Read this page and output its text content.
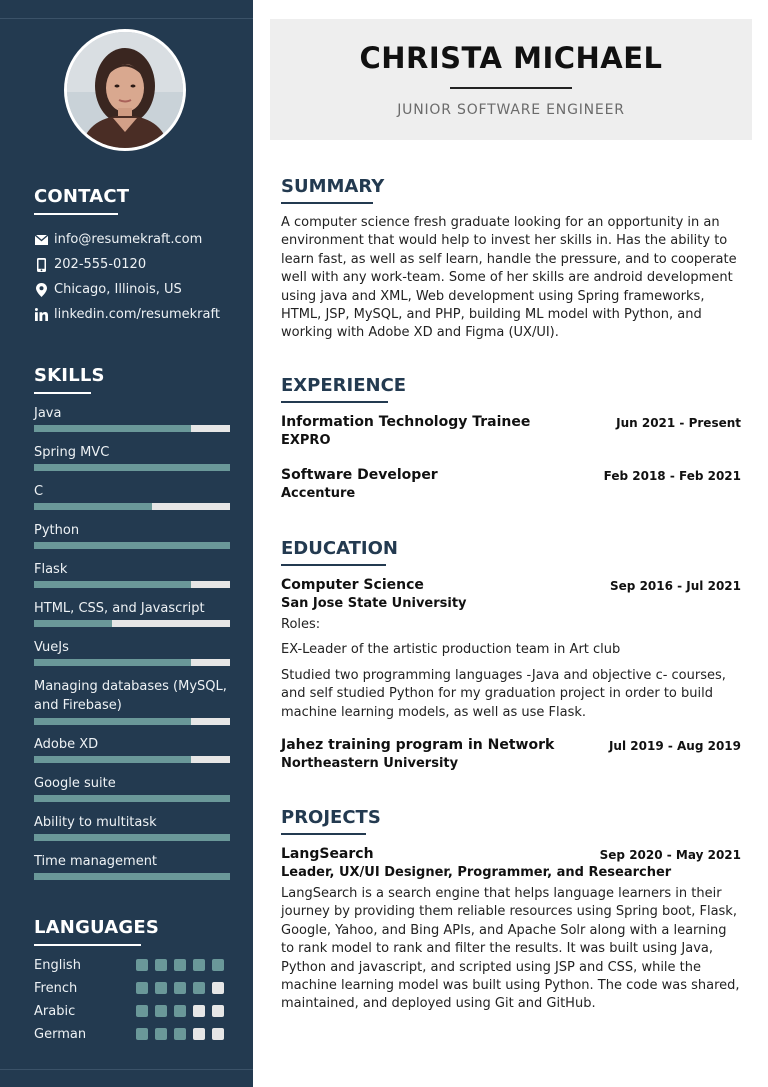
CONTACT
info@resumekraft.com
202-555-0120
Chicago, Illinois, US
linkedin.com/resumekraft
SKILLS
Java
Spring MVC
C
Python
Flask
HTML, CSS, and Javascript
VueJs
Managing databases (MySQL, and Firebase)
Adobe XD
Google suite
Ability to multitask
Time management
LANGUAGES
English
French
Arabic
German
CHRISTA MICHAEL
JUNIOR SOFTWARE ENGINEER
SUMMARY
A computer science fresh graduate looking for an opportunity in an environment that would help to invest her skills in. Has the ability to learn fast, as well as self learn, handle the pressure, and to cooperate well with any work-team. Some of her skills are android development using java and XML, Web development using Spring frameworks, HTML, JSP, MySQL, and PHP, building ML model with Python, and working with Adobe XD and Figma (UX/UI).
EXPERIENCE
Information Technology Trainee	Jun 2021 - Present
EXPRO
Software Developer	Feb 2018 - Feb 2021
Accenture
EDUCATION
Computer Science	Sep 2016 - Jul 2021
San Jose State University
Roles:
EX-Leader of the artistic production team in Art club
Studied two programming languages -Java and objective c- courses, and self studied Python for my graduation project in order to build machine learning models, as well as use Flask.
Jahez training program in Network	Jul 2019 - Aug 2019
Northeastern University
PROJECTS
LangSearch	Sep 2020 - May 2021
Leader, UX/UI Designer, Programmer, and Researcher
LangSearch is a search engine that helps language learners in their journey by providing them reliable resources using Spring boot, Flask, Google, Yahoo, and Bing APIs, and Apache Solr along with a learning to rank model to rank and filter the results. It was built using Java, Python and javascript, and scripted using JSP and CSS, while the machine learning model was built using Python. The code was shared, maintained, and deployed using Git and GitHub.
